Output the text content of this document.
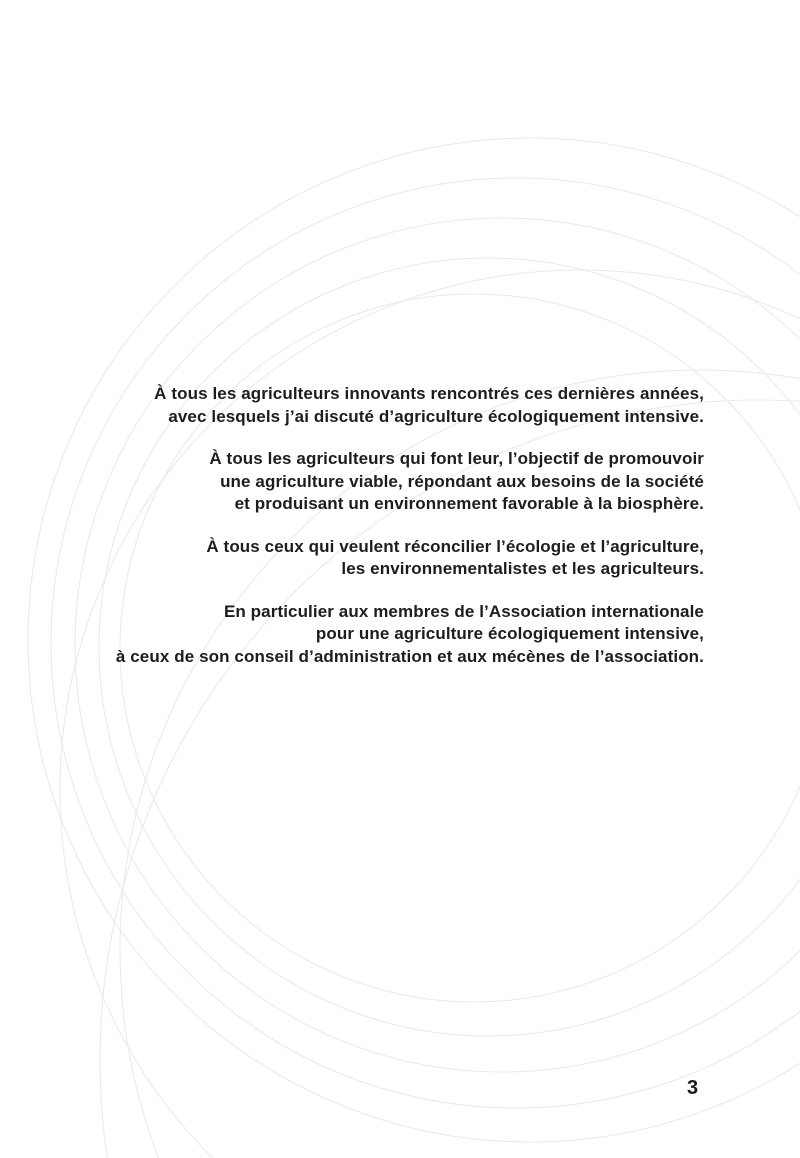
À tous les agriculteurs innovants rencontrés ces dernières années,
avec lesquels j’ai discuté d’agriculture écologiquement intensive.

À tous les agriculteurs qui font leur, l’objectif de promouvoir
une agriculture viable, répondant aux besoins de la société
et produisant un environnement favorable à la biosphère.

À tous ceux qui veulent réconcilier l’écologie et l’agriculture,
les environnementalistes et les agriculteurs.

En particulier aux membres de l’Association internationale
pour une agriculture écologiquement intensive,
à ceux de son conseil d’administration et aux mécènes de l’association.

3
